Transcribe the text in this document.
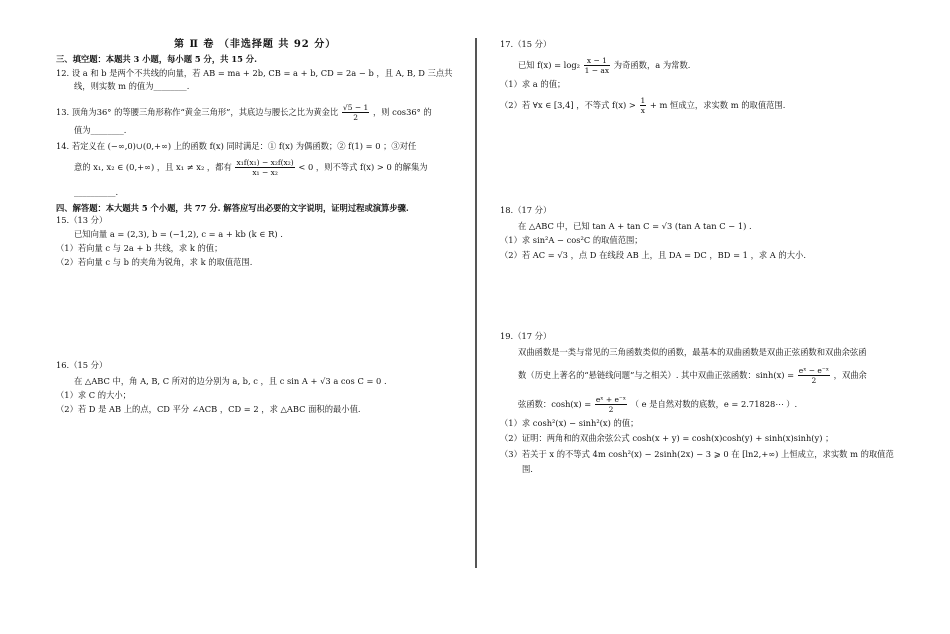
第 Ⅱ 卷 （非选择题 共 92 分）
三、填空题：本题共 3 小题，每小题 5 分，共 15 分.
12. 设 a 和 b 是两个不共线的向量，若 AB = ma + 2b, CB = a + b, CD = 2a − b ，且 A, B, D 三点共
线，则实数 m 的值为________.
13. 顶角为36° 的等腰三角形称作“黄金三角形”，其底边与腰长之比为黄金比 $\frac{√5 - 1}{2}$ ，则 cos36° 的
值为________.
14. 若定义在 (−∞,0)∪(0,+∞) 上的函数 f(x) 同时满足：① f(x) 为偶函数；② f(1) = 0 ；③对任
意的 x₁, x₂ ∈ (0,+∞) ，且 x₁ ≠ x₂ ，都有 $\frac{\text{x₁f(x₁) − x₂f(x₂)}}{\text{x₁ − x₂}} < 0$ ，则不等式 f(x) > 0 的解集为
__________.
四、解答题：本大题共 5 个小题，共 77 分. 解答应写出必要的文字说明，证明过程或演算步骤.
15.（13 分）
已知向量 a = (2,3), b = (−1,2), c = a + kb (k ∈ R) .
（1）若向量 c 与 2a + b 共线，求 k 的值；
（2）若向量 c 与 b 的夹角为锐角，求 k 的取值范围.
16.（15 分）
在 △ABC 中，角 A, B, C 所对的边分别为 a, b, c ，且 c sin A + √3 a cos C = 0 .
（1）求 C 的大小；
（2）若 D 是 AB 上的点，CD 平分 ∠ACB ，CD = 2 ，求 △ABC 面积的最小值.
17.（15 分）
已知 $f(x) = \log_2 \frac{x - 1}{1 - ax}$ 为奇函数，a 为常数.
（1）求 a 的值；
（2）若 ∀x ∈ [3,4] ，不等式 $f(x) > \frac{1}{x} + m$ 恒成立，求实数 m 的取值范围.
18.（17 分）
在 △ABC 中，已知 tan A + tan C = √3 (tan A tan C − 1) .
（1）求 sin²A − cos²C 的取值范围；
（2）若 AC = √3 ，点 D 在线段 AB 上，且 DA = DC ，BD = 1 ，求 A 的大小.
19.（17 分）
双曲函数是一类与常见的三角函数类似的函数，最基本的双曲函数是双曲正弦函数和双曲余弦函
数（历史上著名的“悬链线问题”与之相关）. 其中双曲正弦函数：$\sinh(x) = \frac{\text{eˣ − e⁻ˣ}}{2}$ ，双曲余
弦函数：$\cosh(x) = \frac{\text{eˣ + e⁻ˣ}}{2}$ （ e 是自然对数的底数，e = 2.71828⋯ ）.
（1）求 cosh²(x) − sinh²(x) 的值；
（2）证明：两角和的双曲余弦公式 cosh(x + y) = cosh(x)cosh(y) + sinh(x)sinh(y) ；
（3）若关于 x 的不等式 4m cosh²(x) − 2sinh(2x) − 3 ⩾ 0 在 [ln2,+∞) 上恒成立，求实数 m 的取值范
围.
